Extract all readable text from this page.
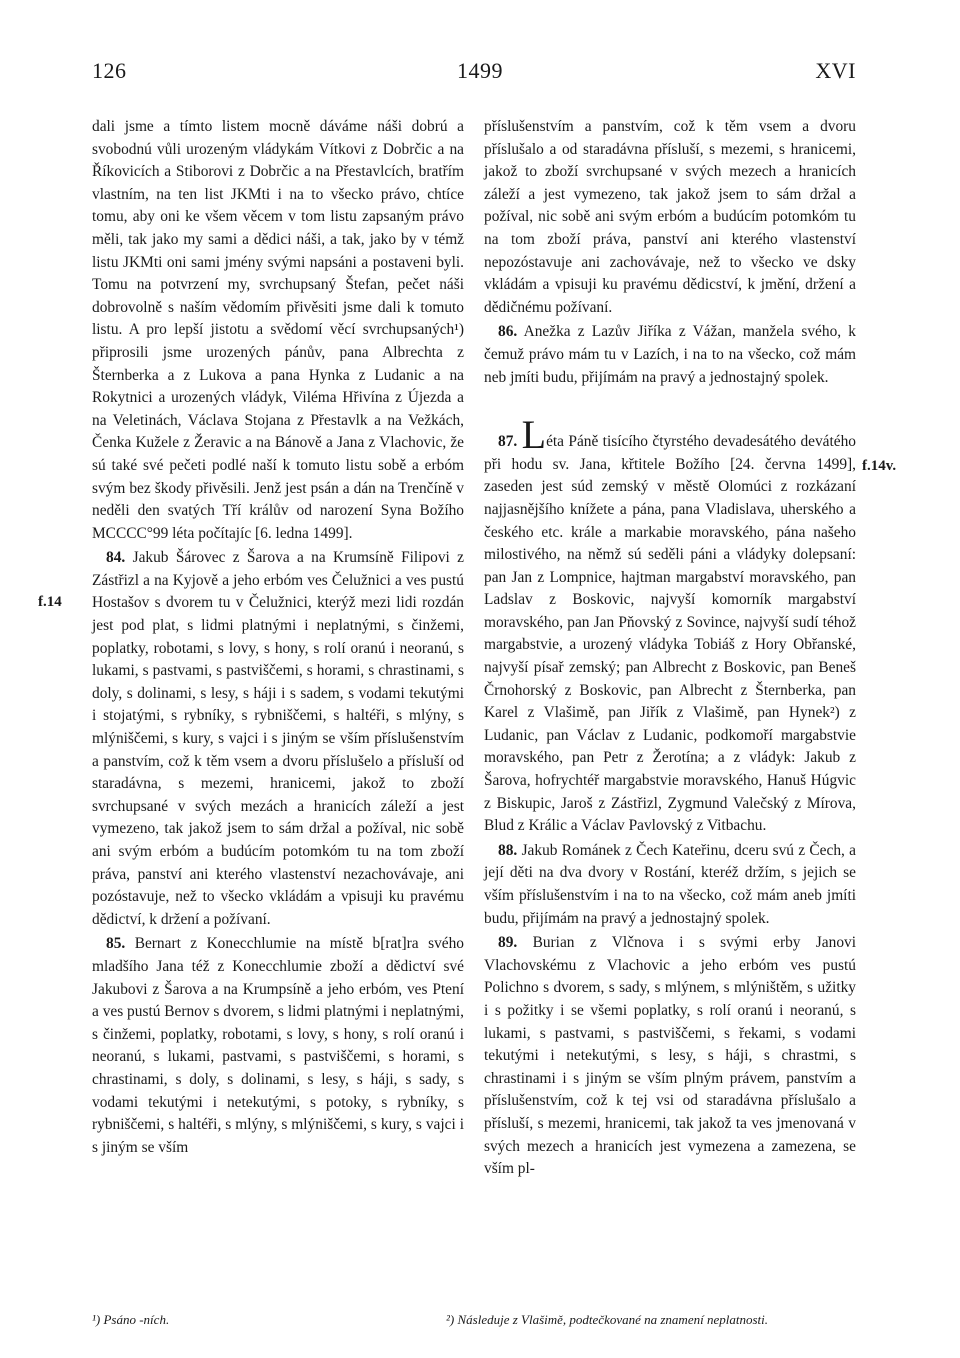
126	1499	XVI
f.14
f.14v.

dali jsme a tímto listem mocně dáváme náši dobrú a svobodnú vůli urozeným vládykám Vítkovi z Dobrčic a na Říkovicích a Stiborovi z Dobrčic a na Přestavlcích, bratřím vlastním, na ten list JKMti i na to všecko právo, chtíce tomu, aby oni ke všem věcem v tom listu zapsaným právo měli, tak jako my sami a dědici náši, a tak, jako by v témž listu JKMti oni sami jmény svými napsáni a postaveni byli. Tomu na potvrzení my, svrchupsaný Štefan, pečet náši dobrovolně s naším vědomím přivěsiti jsme dali k tomuto listu. A pro lepší jistotu a svědomí věcí svrchupsaných¹) připrosili jsme urozených pánův, pana Albrechta z Šternberka a z Lukova a pana Hynka z Ludanic a na Rokytnici a urozených vládyk, Viléma Hřivína z Újezda a na Veletinách, Václava Stojana z Přestavlk a na Vežkách, Čenka Kužele z Žeravic a na Bánově a Jana z Vlachovic, že sú také své pečeti podlé naší k tomuto listu sobě a erbóm svým bez škody přivěsili. Jenž jest psán a dán na Trenčíně v neděli den svatých Tří králův od narození Syna Božího MCCCC°99 léta počítajíc [6. ledna 1499].

84. Jakub Šárovec z Šarova a na Krumsíně Filipovi z Zástřizl a na Kyjově a jeho erbóm ves Čelužnici a ves pustú Hostašov s dvorem tu v Čelužnici, kterýž mezi lidi rozdán jest pod plat, s lidmi platnými i neplatnými, s činžemi, poplatky, robotami, s lovy, s hony, s rolí oranú i neoranú, s lukami, s pastvami, s pastviščemi, s horami, s chrastinami, s doly, s dolinami, s lesy, s háji i s sadem, s vodami tekutými i stojatými, s rybníky, s rybniščemi, s haltéři, s mlýny, s mlýniščemi, s kury, s vajci i s jiným se vším příslušenstvím a panstvím, což k těm vsem a dvoru příslušelo a přísluší od staradávna, s mezemi, hranicemi, jakož to zboží svrchupsané v svých mezách a hranicích záleží a jest vymezeno, tak jakož jsem to sám držal a požíval, nic sobě ani svým erbóm a budúcím potomkóm tu na tom zboží práva, panství ani kterého vlastenství nezachovávaje, ani pozóstavuje, než to všecko vkládám a vpisuji ku pravému dědictví, k držení a požívaní.

85. Bernart z Konecchlumie na místě b[rat]ra svého mladšího Jana též z Konecchlumie zboží a dědictví své Jakubovi z Šarova a na Krumpsíně a jeho erbóm, ves Ptení a ves pustú Bernov s dvorem, s lidmi platnými i neplatnými, s činžemi, poplatky, robotami, s lovy, s hony, s rolí oranú i neoranú, s lukami, pastvami, s pastviščemi, s horami, s chrastinami, s doly, s dolinami, s lesy, s háji, s sady, s vodami tekutými i netekutými, s potoky, s rybníky, s rybniščemi, s haltéři, s mlýny, s mlýniščemi, s kury, s vajci i s jiným se vším

příslušenstvím a panstvím, což k těm vsem a dvoru příslušalo a od staradávna přísluší, s mezemi, s hranicemi, jakož to zboží svrchupsané v svých mezech a hranicích záleží a jest vymezeno, tak jakož jsem to sám držal a požíval, nic sobě ani svým erbóm a budúcím potomkóm tu na tom zboží práva, panství ani kterého vlastenství nepozóstavuje ani zachovávaje, než to všecko ve dsky vkládám a vpisuji ku pravému dědicství, k jmění, držení a dědičnému požívaní.

86. Anežka z Lazův Jiříka z Vážan, manžela svého, k čemuž právo mám tu v Lazích, i na to na všecko, což mám neb jmíti budu, přijímám na pravý a jednostajný spolek.

87. Léta Páně tisícího čtyrstého devadesátého devátého při hodu sv. Jana, křtitele Božího [24. června 1499], zaseden jest súd zemský v městě Olomúci z rozkázaní najjasnějšího knížete a pána, pana Vladislava, uherského a českého etc. krále a markabie moravského, pána našeho milostivého, na němž sú seděli páni a vládyky dolepsaní: pan Jan z Lompnice, hajtman margabství moravského, pan Ladslav z Boskovic, najvyší komorník margabství moravského, pan Jan Pňovský z Sovince, najvyší sudí téhož margabstvie, a urozený vládyka Tobiáš z Hory Obřanské, najvyší písař zemský; pan Albrecht z Boskovic, pan Beneš Črnohorský z Boskovic, pan Albrecht z Šternberka, pan Karel z Vlašimě, pan Jiřík z Vlašimě, pan Hynek²) z Ludanic, pan Václav z Ludanic, podkomoří margabstvie moravského, pan Petr z Žerotína; a z vládyk: Jakub z Šarova, hofrychtéř margabstvie moravského, Hanuš Húgvic z Biskupic, Jaroš z Zástřizl, Zygmund Valečský z Mírova, Blud z Králic a Václav Pavlovský z Vitbachu.

88. Jakub Románek z Čech Kateřinu, dceru svú z Čech, a její děti na dva dvory v Rostání, kteréž držím, s jejich se vším příslušenstvím i na to na všecko, což mám aneb jmíti budu, přijímám na pravý a jednostajný spolek.

89. Burian z Vlčnova i s svými erby Janovi Vlachovskému z Vlachovic a jeho erbóm ves pustú Polichno s dvorem, s sady, s mlýnem, s mlýništěm, s užitky i s požitky i se všemi poplatky, s rolí oranú i neoranú, s lukami, s pastvami, s pastviščemi, s řekami, s vodami tekutými i netekutými, s lesy, s háji, s chrastmi, s chrastinami i s jiným se vším plným právem, panstvím a příslušenstvím, což k tej vsi od staradávna příslušalo a přísluší, s mezemi, hranicemi, tak jakož ta ves jmenovaná v svých mezech a hranicích jest vymezena a zamezena, se vším pl-

¹) Psáno -ních.	²) Následuje z Vlašimě, podtečkované na znamení neplatnosti.
